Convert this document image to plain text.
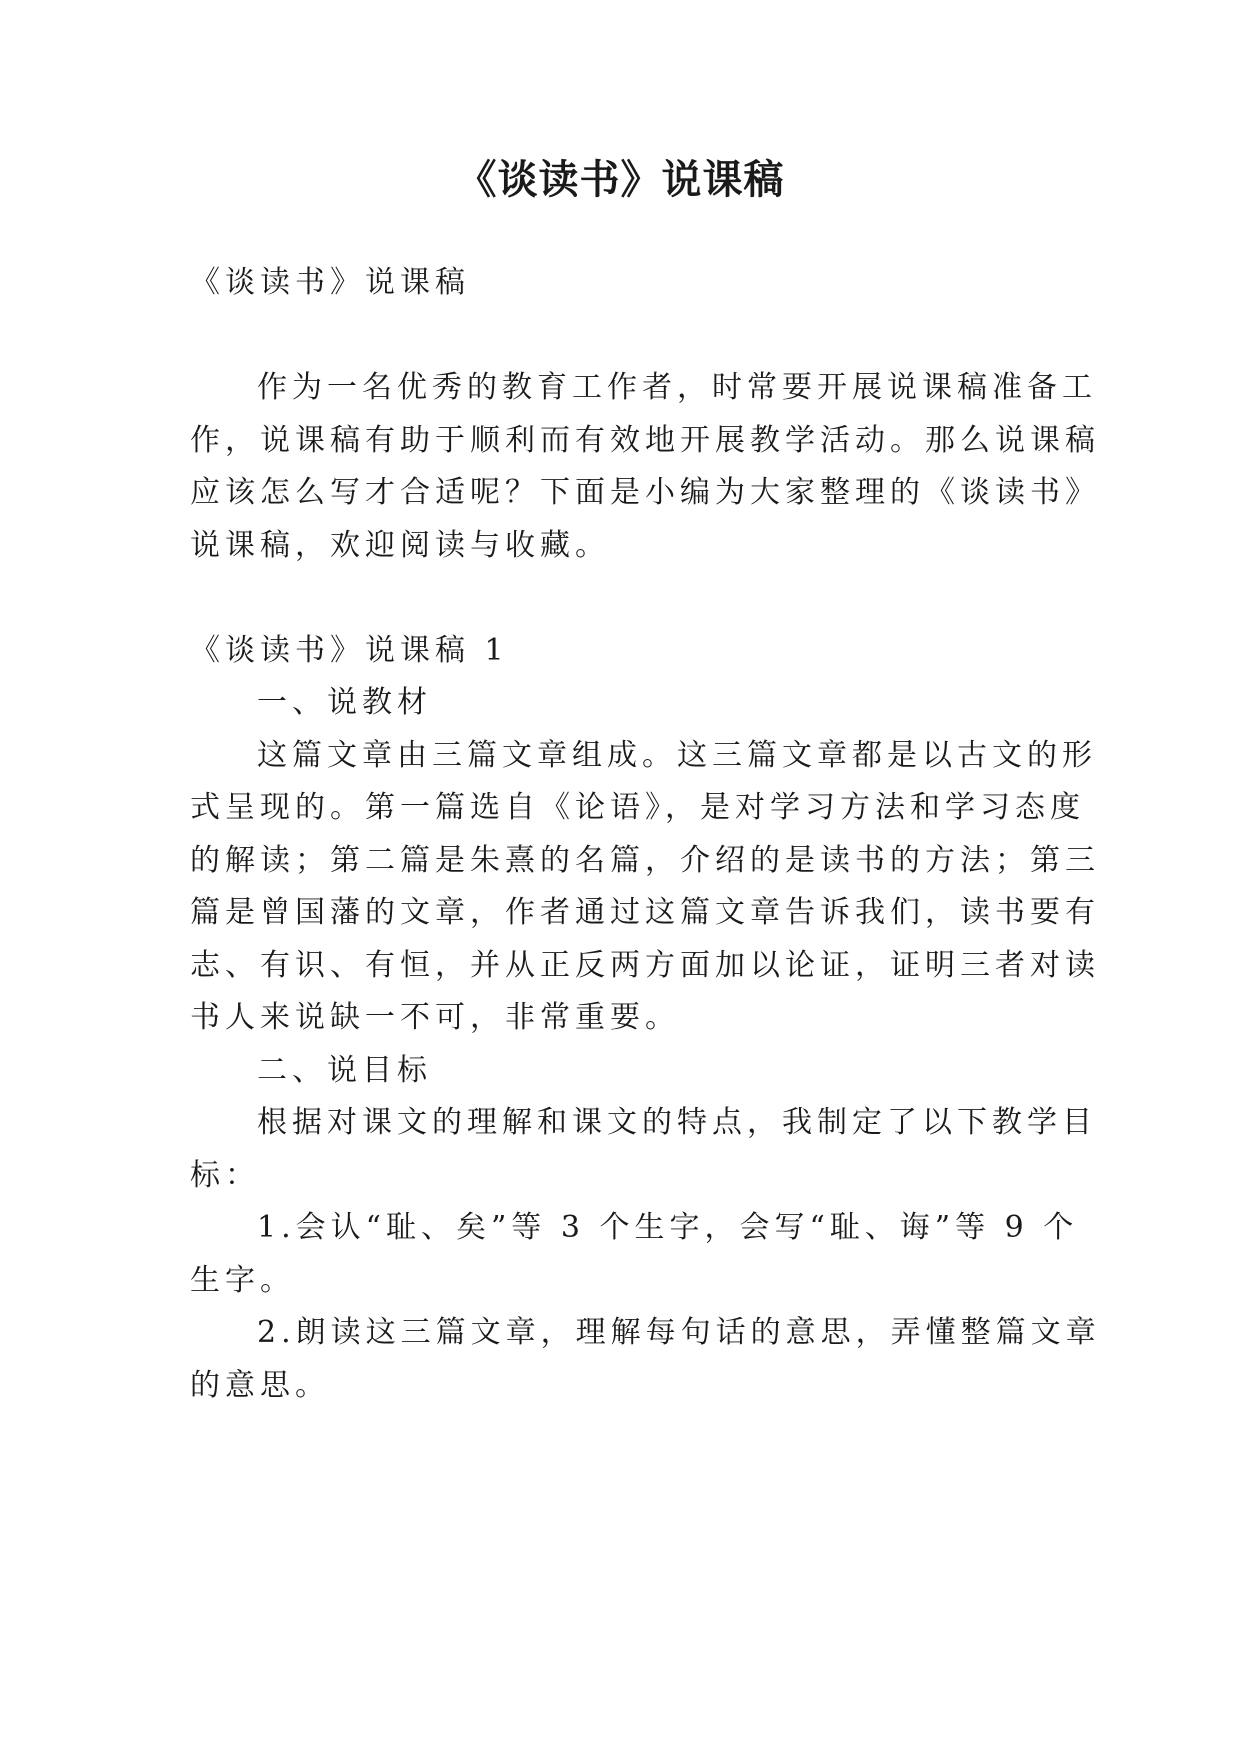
《谈读书》说课稿

《谈读书》说课稿

作为一名优秀的教育工作者，时常要开展说课稿准备工

作，说课稿有助于顺利而有效地开展教学活动。那么说课稿

应该怎么写才合适呢？下面是小编为大家整理的《谈读书》

说课稿，欢迎阅读与收藏。

《谈读书》说课稿 1

一、说教材

这篇文章由三篇文章组成。这三篇文章都是以古文的形

式呈现的。第一篇选自《论语》，是对学习方法和学习态度

的解读；第二篇是朱熹的名篇，介绍的是读书的方法；第三

篇是曾国藩的文章，作者通过这篇文章告诉我们，读书要有

志、有识、有恒，并从正反两方面加以论证，证明三者对读

书人来说缺一不可，非常重要。

二、说目标

根据对课文的理解和课文的特点，我制定了以下教学目

标：

1.会认“耻、矣”等 3 个生字，会写“耻、诲”等 9 个

生字。

2.朗读这三篇文章，理解每句话的意思，弄懂整篇文章

的意思。
